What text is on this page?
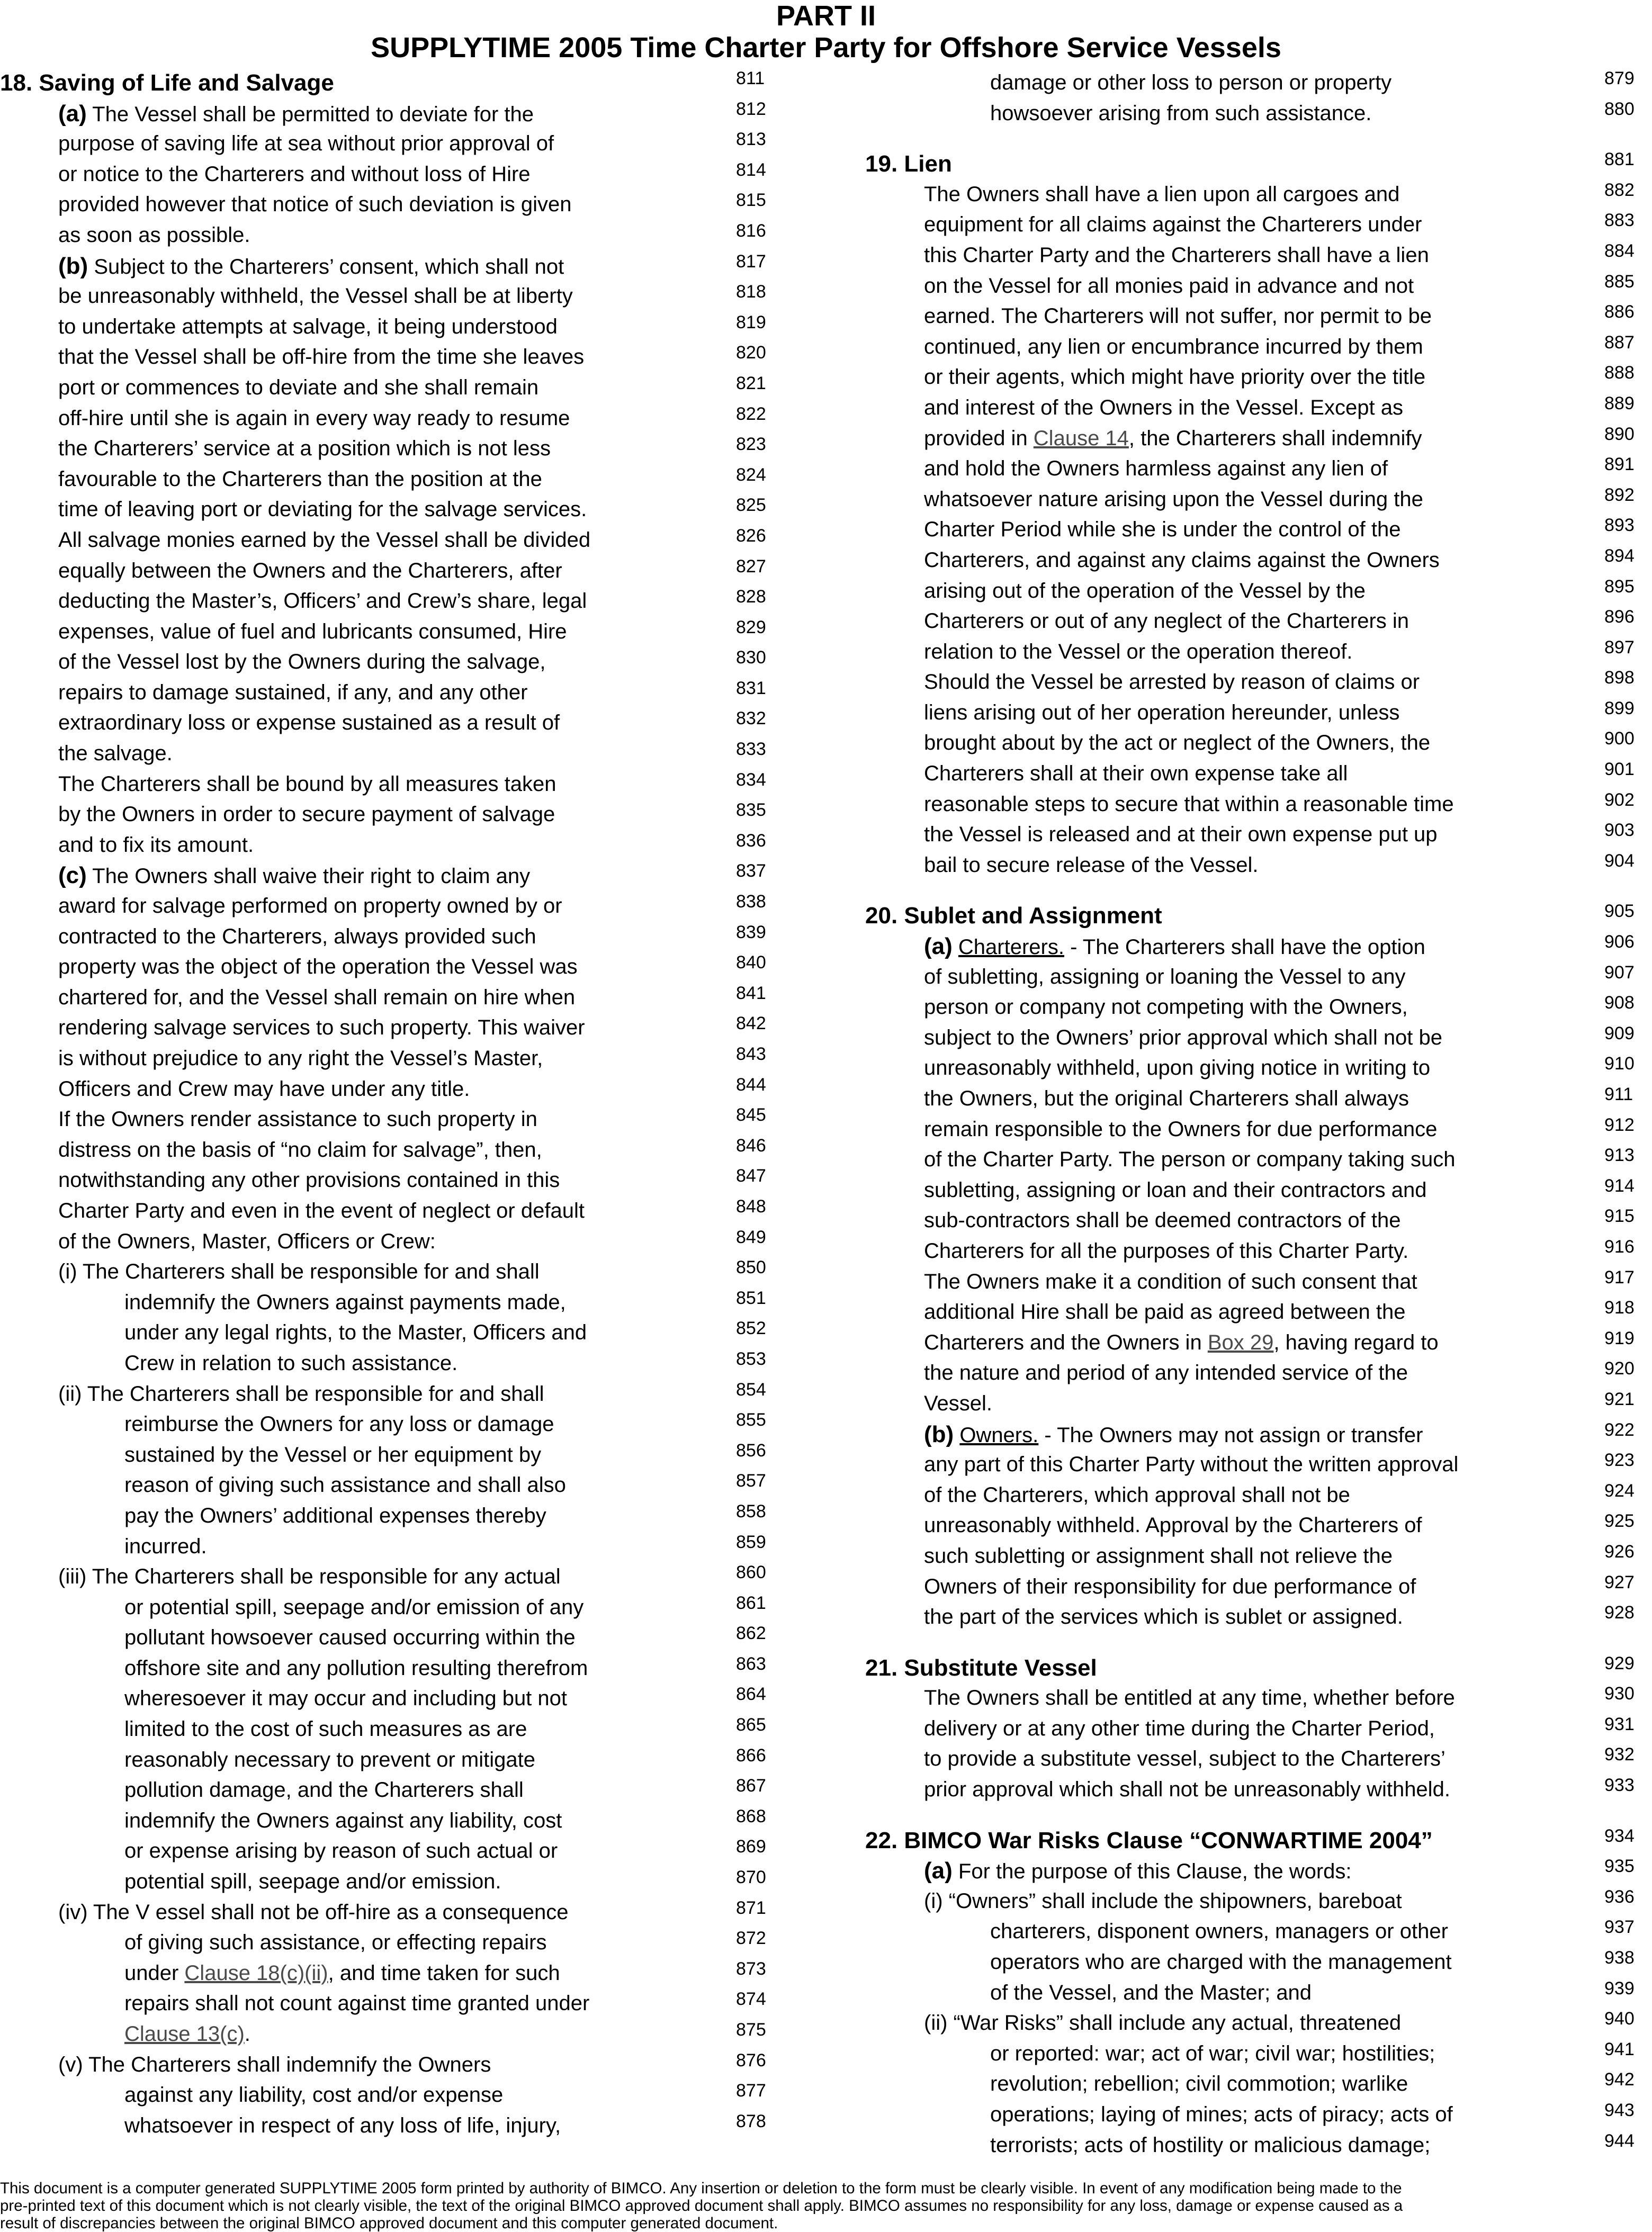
PART II
SUPPLYTIME 2005 Time Charter Party for Offshore Service Vessels
18. Saving of Life and Salvage	811
(a) The Vessel shall be permitted to deviate for the	812
purpose of saving life at sea without prior approval of	813
or notice to the Charterers and without loss of Hire	814
provided however that notice of such deviation is given	815
as soon as possible.	816
(b) Subject to the Charterers’ consent, which shall not	817
be unreasonably withheld, the Vessel shall be at liberty	818
to undertake attempts at salvage, it being understood	819
that the Vessel shall be off-hire from the time she leaves	820
port or commences to deviate and she shall remain	821
off-hire until she is again in every way ready to resume	822
the Charterers’ service at a position which is not less	823
favourable to the Charterers than the position at the	824
time of leaving port or deviating for the salvage services.	825
All salvage monies earned by the Vessel shall be divided	826
equally between the Owners and the Charterers, after	827
deducting the Master’s, Officers’ and Crew’s share, legal	828
expenses, value of fuel and lubricants consumed, Hire	829
of the Vessel lost by the Owners during the salvage,	830
repairs to damage sustained, if any, and any other	831
extraordinary loss or expense sustained as a result of	832
the salvage.	833
The Charterers shall be bound by all measures taken	834
by the Owners in order to secure payment of salvage	835
and to fix its amount.	836
(c) The Owners shall waive their right to claim any	837
award for salvage performed on property owned by or	838
contracted to the Charterers, always provided such	839
property was the object of the operation the Vessel was	840
chartered for, and the Vessel shall remain on hire when	841
rendering salvage services to such property. This waiver	842
is without prejudice to any right the Vessel’s Master,	843
Officers and Crew may have under any title.	844
If the Owners render assistance to such property in	845
distress on the basis of “no claim for salvage”, then,	846
notwithstanding any other provisions contained in this	847
Charter Party and even in the event of neglect or default	848
of the Owners, Master, Officers or Crew:	849
(i) The Charterers shall be responsible for and shall	850
indemnify the Owners against payments made,	851
under any legal rights, to the Master, Officers and	852
Crew in relation to such assistance.	853
(ii) The Charterers shall be responsible for and shall	854
reimburse the Owners for any loss or damage	855
sustained by the Vessel or her equipment by	856
reason of giving such assistance and shall also	857
pay the Owners’ additional expenses thereby	858
incurred.	859
(iii) The Charterers shall be responsible for any actual	860
or potential spill, seepage and/or emission of any	861
pollutant howsoever caused occurring within the	862
offshore site and any pollution resulting therefrom	863
wheresoever it may occur and including but not	864
limited to the cost of such measures as are	865
reasonably necessary to prevent or mitigate	866
pollution damage, and the Charterers shall	867
indemnify the Owners against any liability, cost	868
or expense arising by reason of such actual or	869
potential spill, seepage and/or emission.	870
(iv) The V essel shall not be off-hire as a consequence	871
of giving such assistance, or effecting repairs	872
under Clause 18(c)(ii), and time taken for such	873
repairs shall not count against time granted under	874
Clause 13(c).	875
(v) The Charterers shall indemnify the Owners	876
against any liability, cost and/or expense	877
whatsoever in respect of any loss of life, injury,	878
damage or other loss to person or property	879
howsoever arising from such assistance.	880
19. Lien	881
The Owners shall have a lien upon all cargoes and	882
equipment for all claims against the Charterers under	883
this Charter Party and the Charterers shall have a lien	884
on the Vessel for all monies paid in advance and not	885
earned. The Charterers will not suffer, nor permit to be	886
continued, any lien or encumbrance incurred by them	887
or their agents, which might have priority over the title	888
and interest of the Owners in the Vessel. Except as	889
provided in Clause 14, the Charterers shall indemnify	890
and hold the Owners harmless against any lien of	891
whatsoever nature arising upon the Vessel during the	892
Charter Period while she is under the control of the	893
Charterers, and against any claims against the Owners	894
arising out of the operation of the Vessel by the	895
Charterers or out of any neglect of the Charterers in	896
relation to the Vessel or the operation thereof.	897
Should the Vessel be arrested by reason of claims or	898
liens arising out of her operation hereunder, unless	899
brought about by the act or neglect of the Owners, the	900
Charterers shall at their own expense take all	901
reasonable steps to secure that within a reasonable time	902
the Vessel is released and at their own expense put up	903
bail to secure release of the Vessel.	904
20. Sublet and Assignment	905
(a) Charterers. - The Charterers shall have the option	906
of subletting, assigning or loaning the Vessel to any	907
person or company not competing with the Owners,	908
subject to the Owners’ prior approval which shall not be	909
unreasonably withheld, upon giving notice in writing to	910
the Owners, but the original Charterers shall always	911
remain responsible to the Owners for due performance	912
of the Charter Party. The person or company taking such	913
subletting, assigning or loan and their contractors and	914
sub-contractors shall be deemed contractors of the	915
Charterers for all the purposes of this Charter Party.	916
The Owners make it a condition of such consent that	917
additional Hire shall be paid as agreed between the	918
Charterers and the Owners in Box 29, having regard to	919
the nature and period of any intended service of the	920
Vessel.	921
(b) Owners. - The Owners may not assign or transfer	922
any part of this Charter Party without the written approval	923
of the Charterers, which approval shall not be	924
unreasonably withheld. Approval by the Charterers of	925
such subletting or assignment shall not relieve the	926
Owners of their responsibility for due performance of	927
the part of the services which is sublet or assigned.	928
21. Substitute Vessel	929
The Owners shall be entitled at any time, whether before	930
delivery or at any other time during the Charter Period,	931
to provide a substitute vessel, subject to the Charterers’	932
prior approval which shall not be unreasonably withheld.	933
22. BIMCO War Risks Clause “CONWARTIME 2004”	934
(a) For the purpose of this Clause, the words:	935
(i) “Owners” shall include the shipowners, bareboat	936
charterers, disponent owners, managers or other	937
operators who are charged with the management	938
of the Vessel, and the Master; and	939
(ii) “War Risks” shall include any actual, threatened	940
or reported: war; act of war; civil war; hostilities;	941
revolution; rebellion; civil commotion; warlike	942
operations; laying of mines; acts of piracy; acts of	943
terrorists; acts of hostility or malicious damage;	944
This document is a computer generated SUPPLYTIME 2005 form printed by authority of BIMCO. Any insertion or deletion to the form must be clearly visible. In event of any modification being made to the
pre-printed text of this document which is not clearly visible, the text of the original BIMCO approved document shall apply. BIMCO assumes no responsibility for any loss, damage or expense caused as a
result of discrepancies between the original BIMCO approved document and this computer generated document.
